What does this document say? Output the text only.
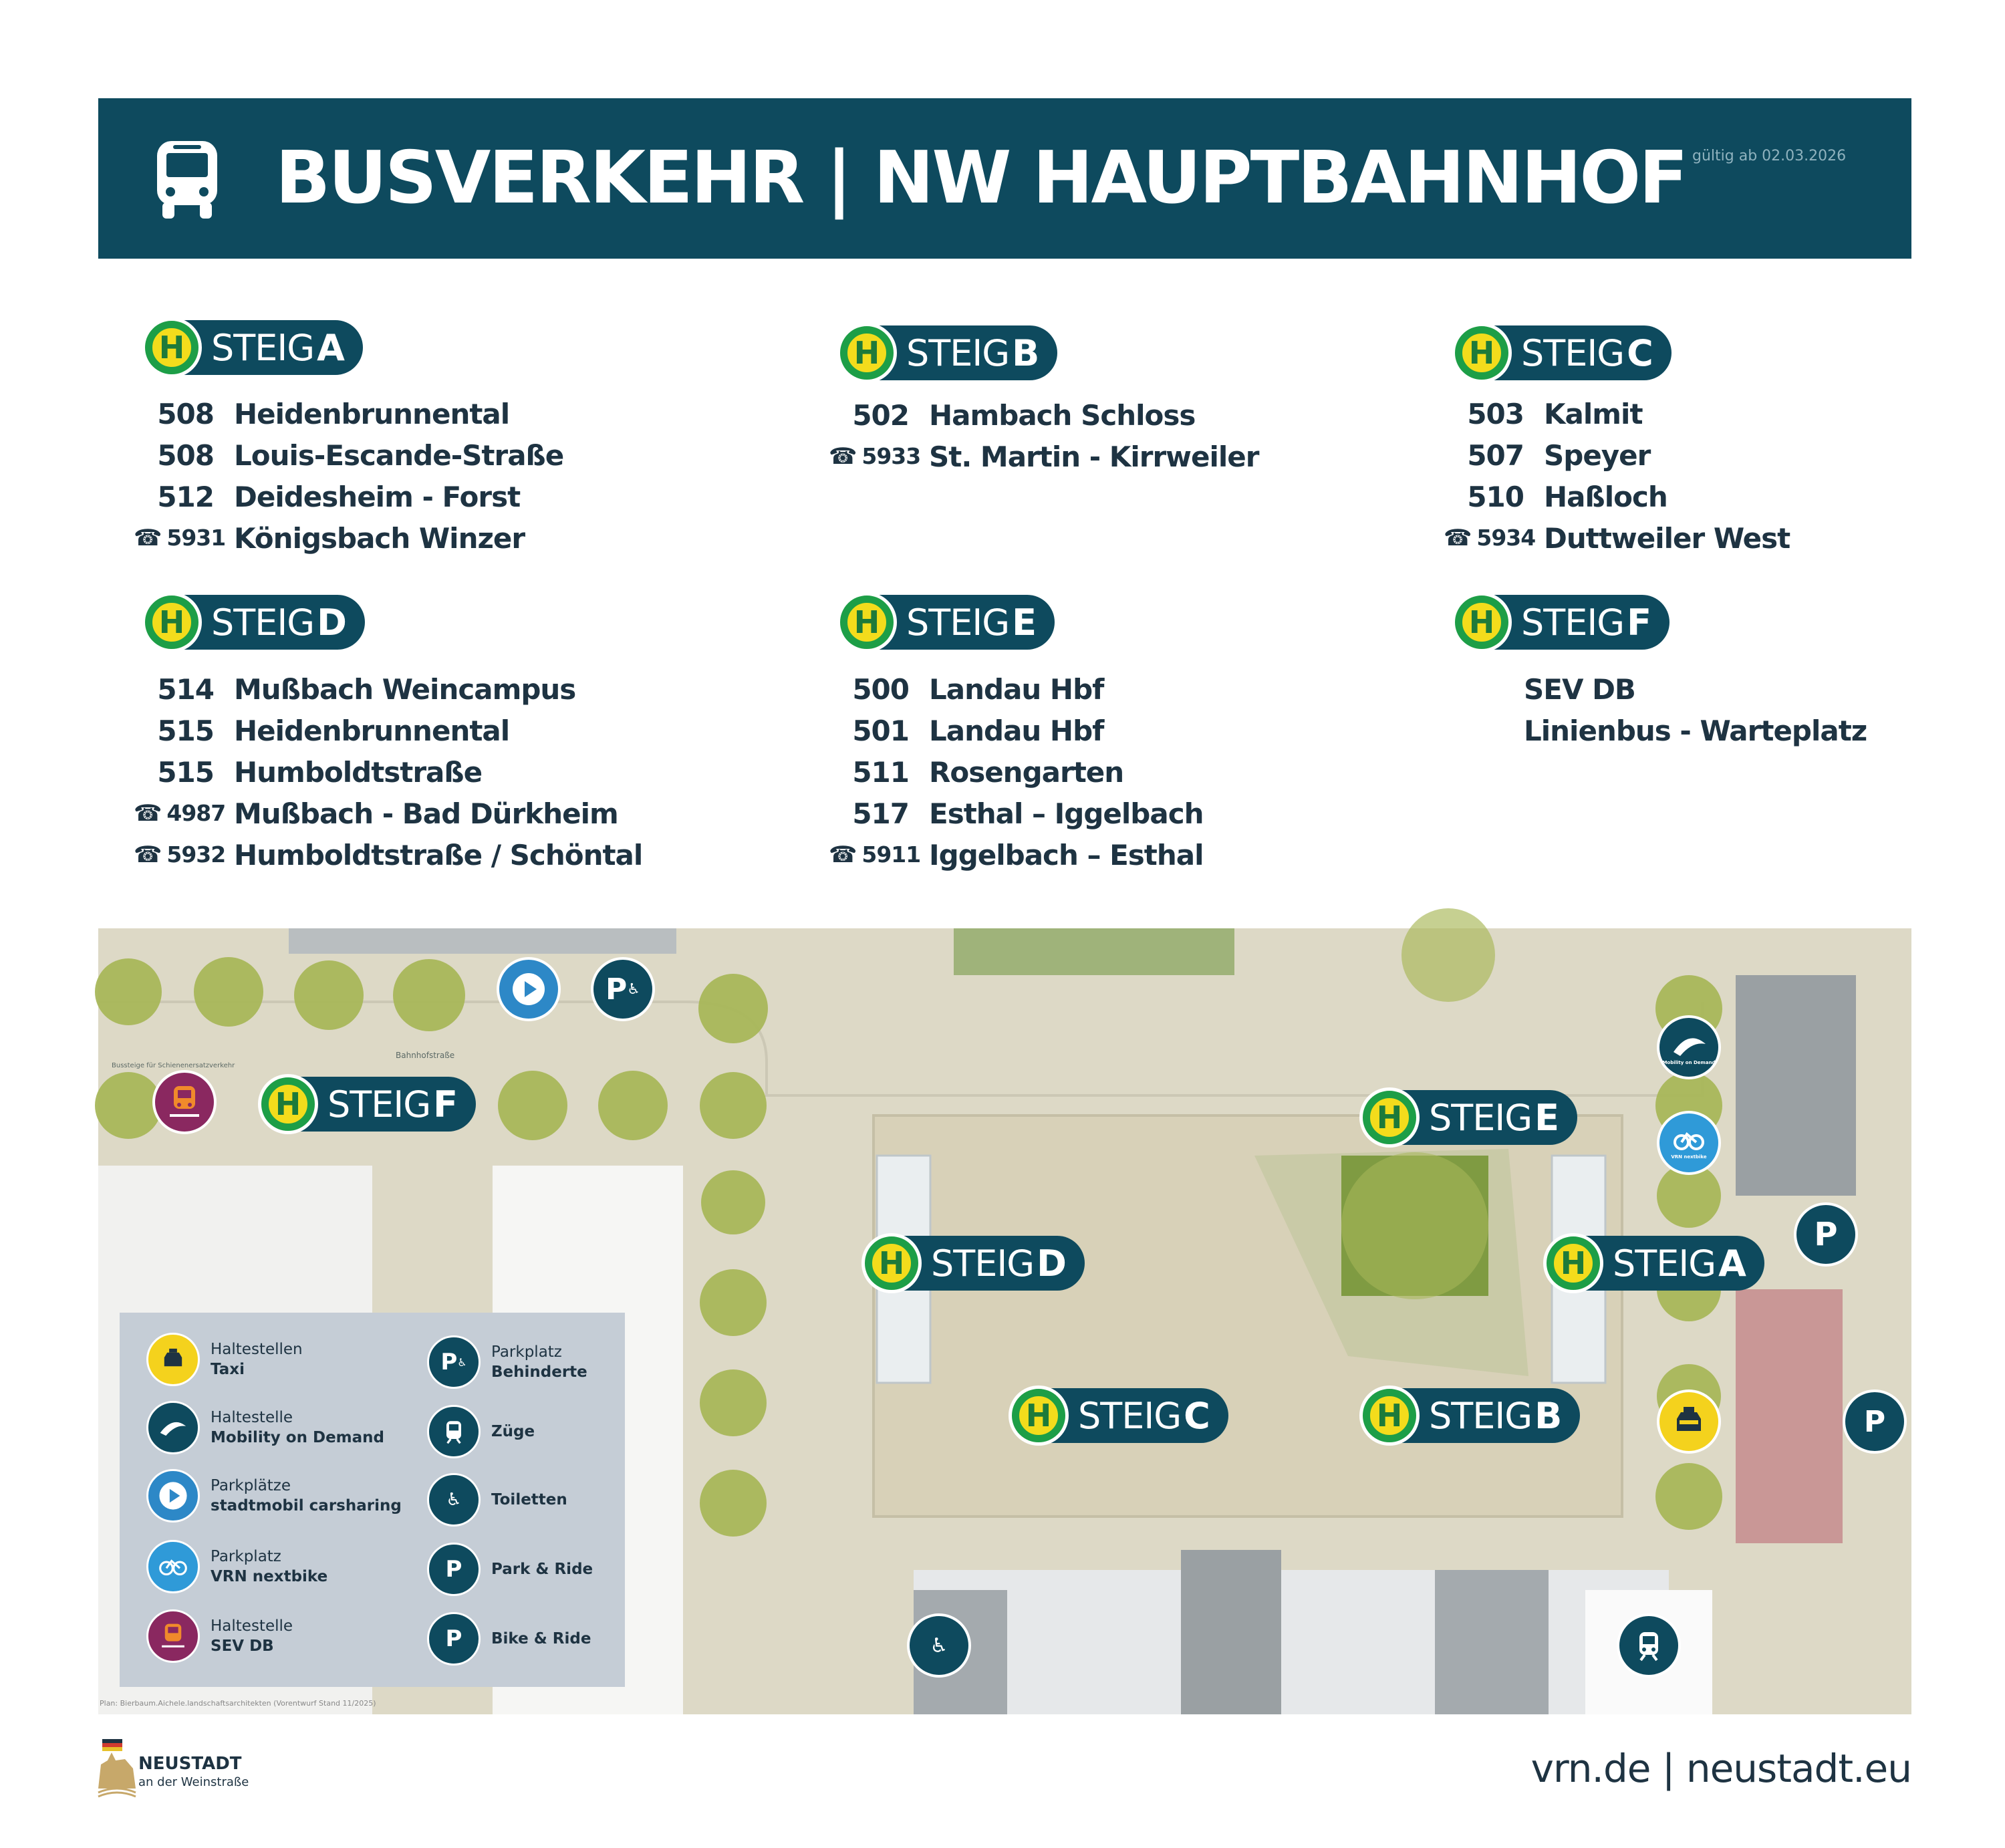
BUSVERKEHR | NW HAUPTBAHNHOF gültig ab 02.03.2026
H STEIG A
508 Heidenbrunnental
508 Louis-Escande-Straße
512 Deidesheim - Forst
☎ 5931 Königsbach Winzer
H STEIG B
502 Hambach Schloss
☎ 5933 St. Martin - Kirrweiler
H STEIG C
503 Kalmit
507 Speyer
510 Haßloch
☎ 5934 Duttweiler West
H STEIG D
514 Mußbach Weincampus
515 Heidenbrunnental
515 Humboldtstraße
☎ 4987 Mußbach - Bad Dürkheim
☎ 5932 Humboldtstraße / Schöntal
H STEIG E
500 Landau Hbf
501 Landau Hbf
511 Rosengarten
517 Esthal – Iggelbach
☎ 5911 Iggelbach – Esthal
H STEIG F
SEV DB
Linienbus - Warteplatz
Bahnhofstraße
Bussteige für Schienenersatzverkehr
P ♿
Mobility on Demand
VRN nextbike
P
P
♿
H STEIG F	H STEIG E
H STEIG D	H STEIG A
H STEIG C	H STEIG B
Haltestellen
Taxi
Haltestelle
Mobility on Demand
Parkplätze
stadtmobil carsharing
Parkplatz
VRN nextbike
Haltestelle
SEV DB
P ♿
Parkplatz
Behinderte
Züge
♿	Toiletten
P	Park & Ride
P	Bike & Ride
Plan: Bierbaum.Aichele.landschaftsarchitekten (Vorentwurf Stand 11/2025)
NEUSTADT
an der Weinstraße	vrn.de | neustadt.eu
